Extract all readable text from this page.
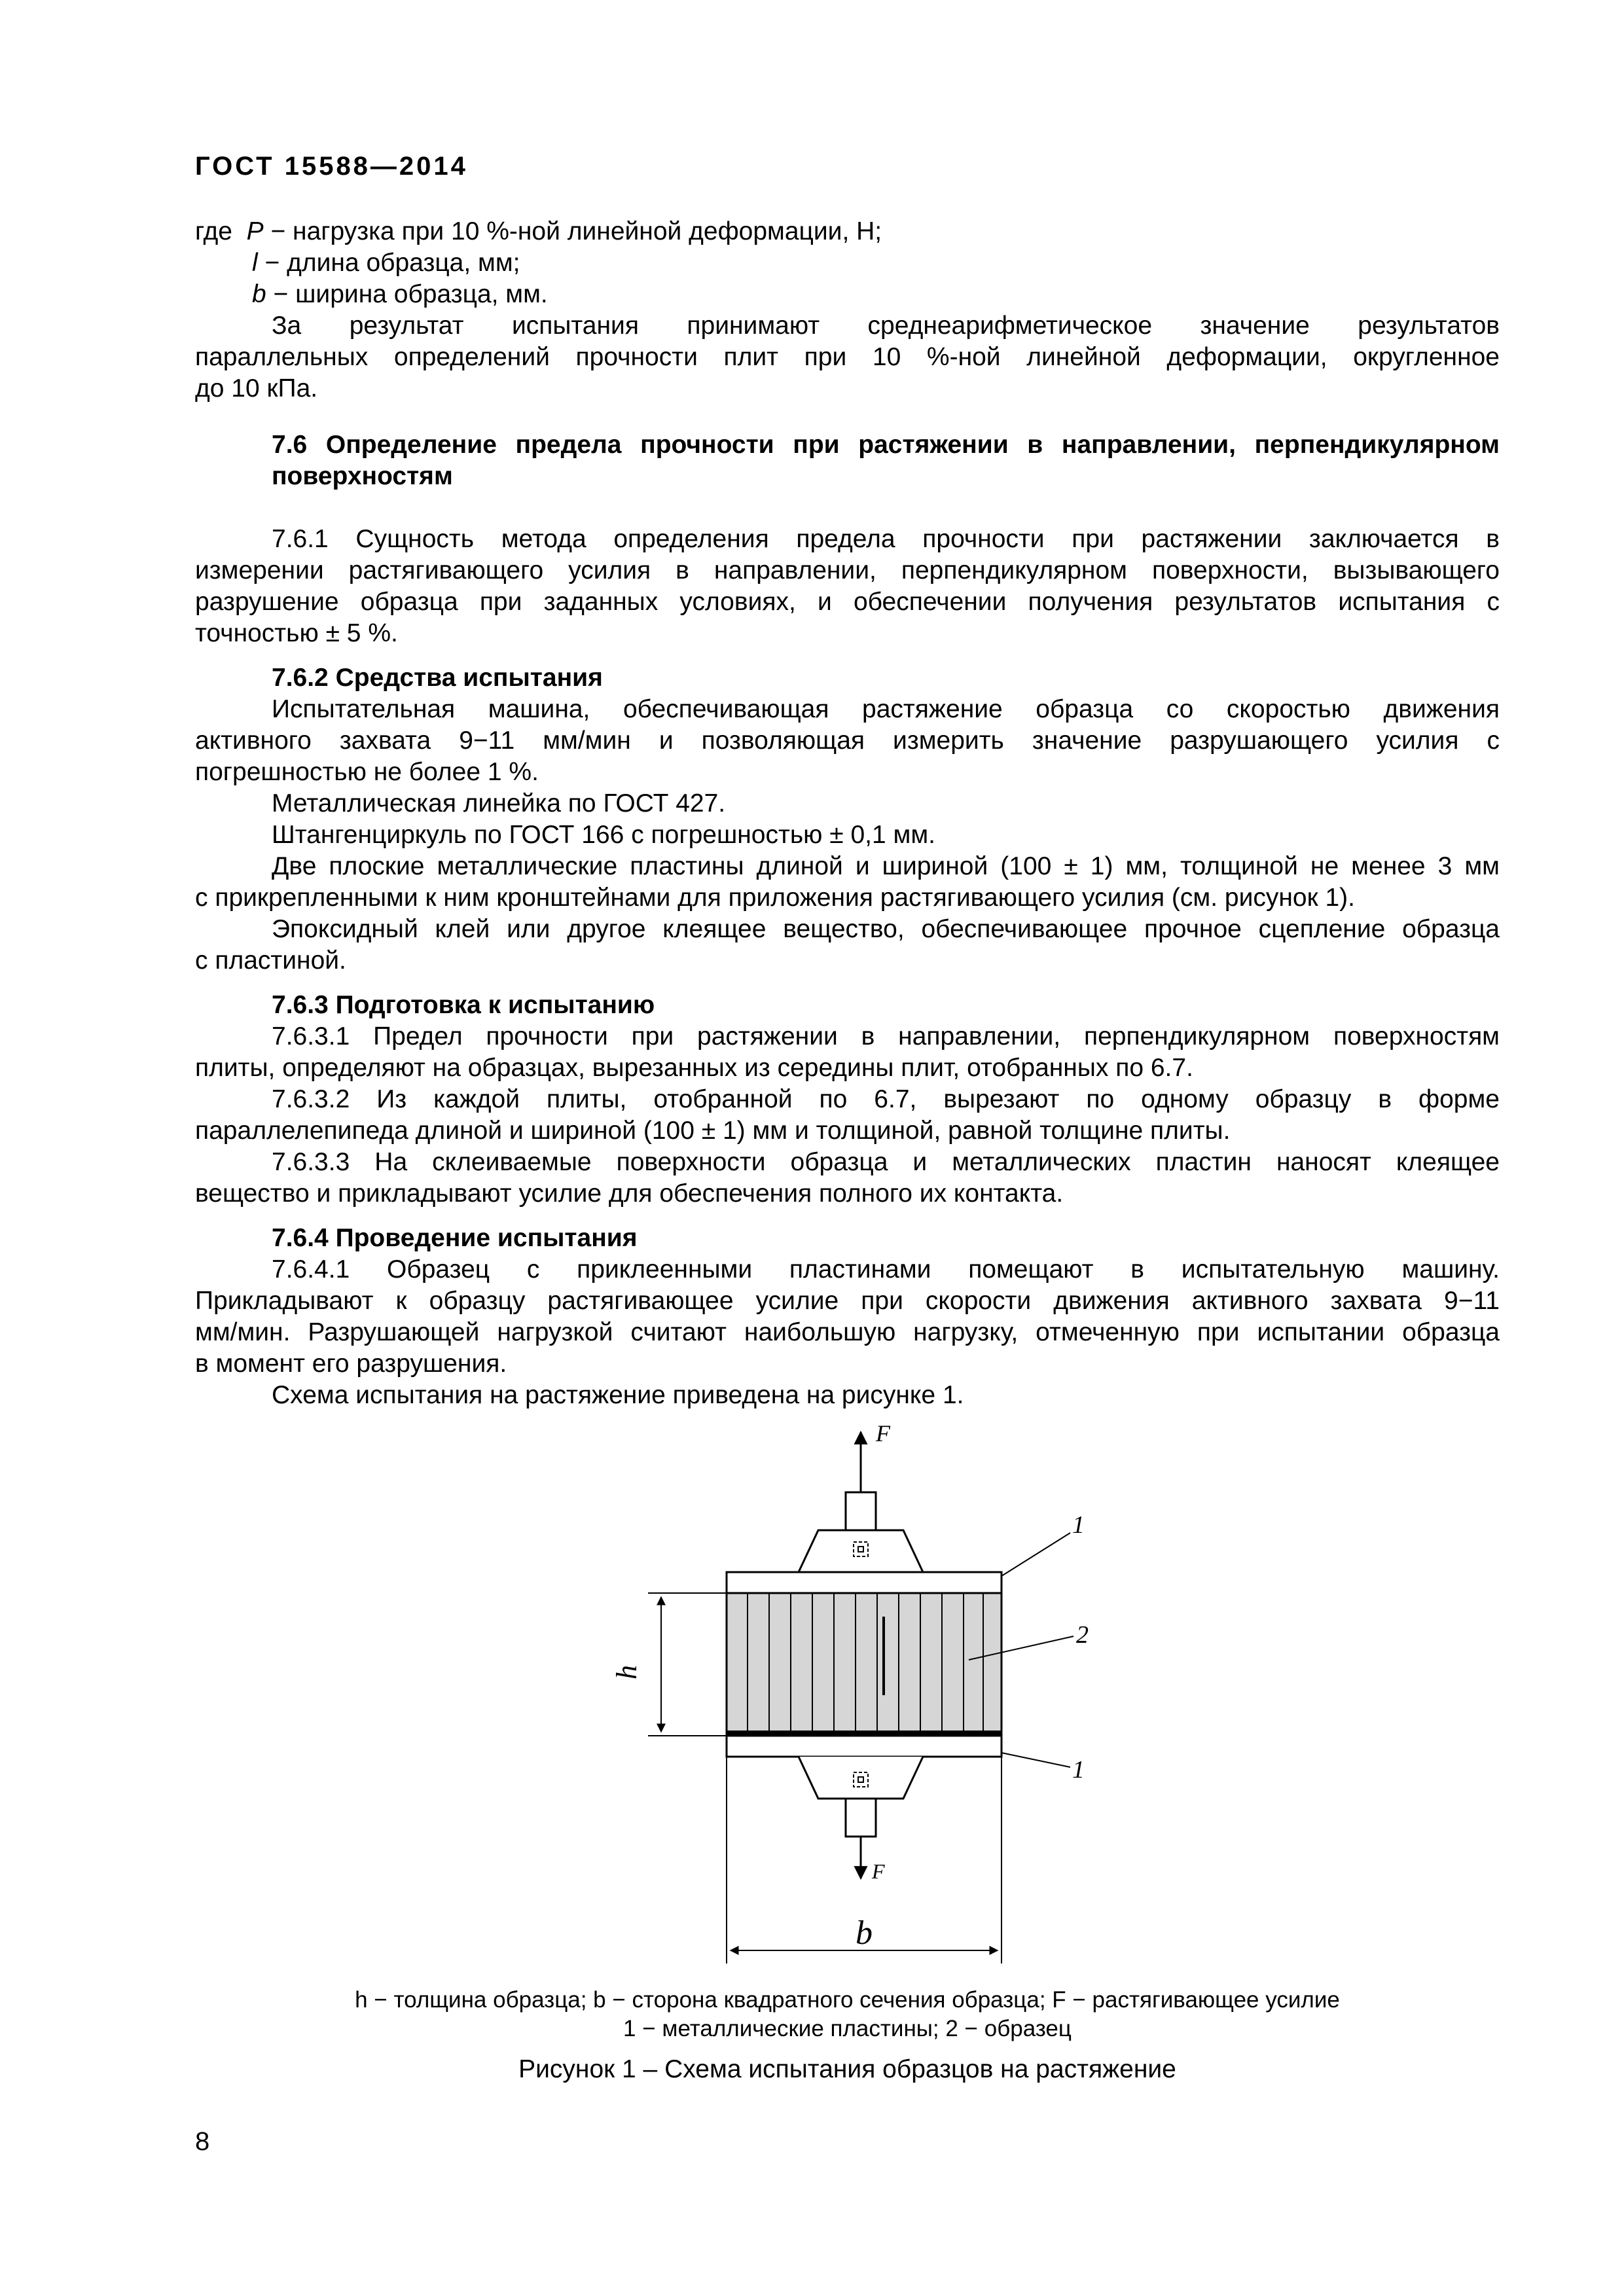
ГОСТ 15588—2014
где P − нагрузка при 10 %-ной линейной деформации, Н;
l − длина образца, мм;
b − ширина образца, мм.
За результат испытания принимают среднеарифметическое значение результатов
параллельных определений прочности плит при 10 %-ной линейной деформации, округленное
до 10 кПа.
7.6 Определение предела прочности при растяжении в направлении, перпендикулярном
поверхностям
7.6.1 Сущность метода определения предела прочности при растяжении заключается в
измерении растягивающего усилия в направлении, перпендикулярном поверхности, вызывающего
разрушение образца при заданных условиях, и обеспечении получения результатов испытания с
точностью ± 5 %.
7.6.2 Средства испытания
Испытательная машина, обеспечивающая растяжение образца со скоростью движения
активного захвата 9−11 мм/мин и позволяющая измерить значение разрушающего усилия с
погрешностью не более 1 %.
Металлическая линейка по ГОСТ 427.
Штангенциркуль по ГОСТ 166 с погрешностью ± 0,1 мм.
Две плоские металлические пластины длиной и шириной (100 ± 1) мм, толщиной не менее 3 мм
с прикрепленными к ним кронштейнами для приложения растягивающего усилия (см. рисунок 1).
Эпоксидный клей или другое клеящее вещество, обеспечивающее прочное сцепление образца
с пластиной.
7.6.3 Подготовка к испытанию
7.6.3.1 Предел прочности при растяжении в направлении, перпендикулярном поверхностям
плиты, определяют на образцах, вырезанных из середины плит, отобранных по 6.7.
7.6.3.2 Из каждой плиты, отобранной по 6.7, вырезают по одному образцу в форме
параллелепипеда длиной и шириной (100 ± 1) мм и толщиной, равной толщине плиты.
7.6.3.3 На склеиваемые поверхности образца и металлических пластин наносят клеящее
вещество и прикладывают усилие для обеспечения полного их контакта.
7.6.4 Проведение испытания
7.6.4.1 Образец с приклеенными пластинами помещают в испытательную машину.
Прикладывают к образцу растягивающее усилие при скорости движения активного захвата 9−11
мм/мин. Разрушающей нагрузкой считают наибольшую нагрузку, отмеченную при испытании образца
в момент его разрушения.
Схема испытания на растяжение приведена на рисунке 1.
F
F
1
2
1
h
b
h − толщина образца; b − сторона квадратного сечения образца; F − растягивающее усилие
1 − металлические пластины; 2 − образец
Рисунок 1 – Схема испытания образцов на растяжение
8
